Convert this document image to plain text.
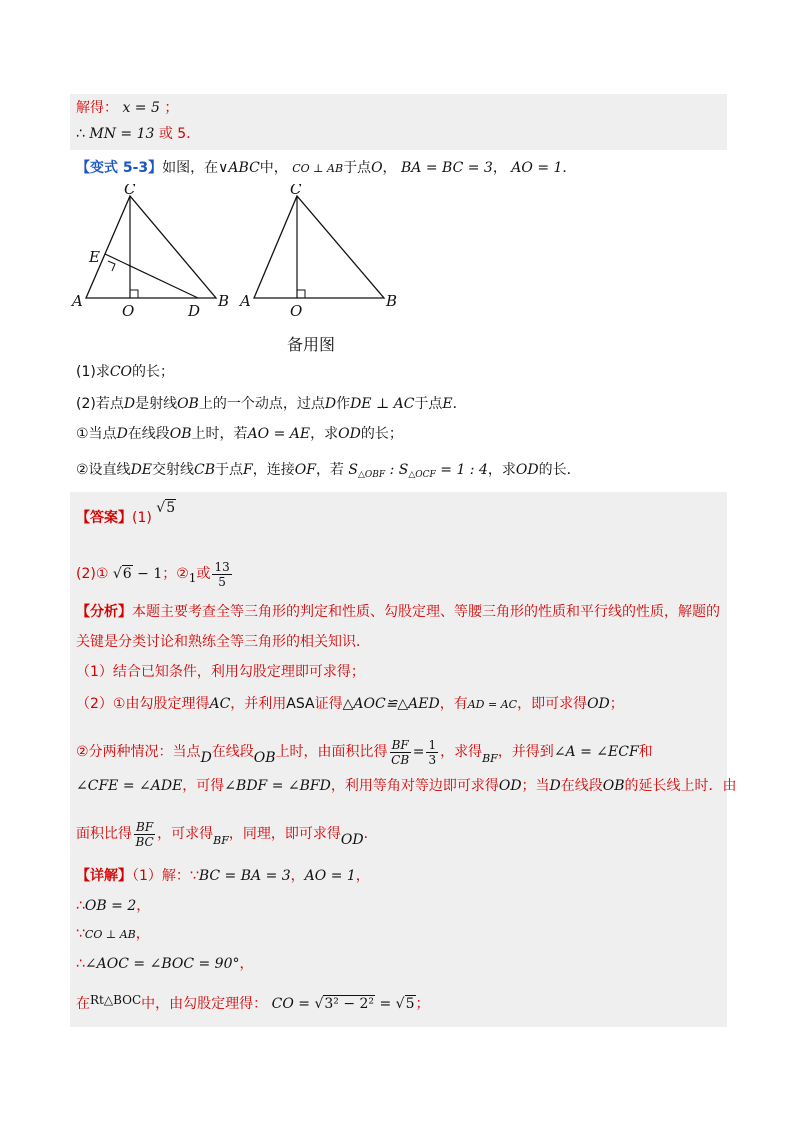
解得： x = 5 ；
∴ MN = 13 或 5．
【变式 5-3】如图，在∨ABC中， CO ⊥ AB于点O， BA = BC = 3， AO = 1．
C
E
A
O	D
B
C
A
O
B
备用图
(1)求CO的长；
(2)若点D是射线OB上的一个动点，过点D作DE ⊥ AC于点E．
①当点D在线段OB上时，若AO = AE，求OD的长；
②设直线DE交射线CB于点F，连接OF，若 $S_{\triangle OBF}$ : $S_{\triangle OCF} = 1$ : 4，求OD的长．
【答案】(1) √5
(2)① √6 − 1；②1或 $\frac{13}{5}$
【分析】本题主要考查全等三角形的判定和性质、勾股定理、等腰三角形的性质和平行线的性质，解题的
关键是分类讨论和熟练全等三角形的相关知识．
（1）结合已知条件，利用勾股定理即可求得；
（2）①由勾股定理得AC，并利用ASA证得△AOC≌△AED，有AD = AC，即可求得OD；
②分两种情况：当点D在线段OB上时，由面积比得 $\frac{BF}{CB} = \frac{1}{3}$ ，求得$_{BF}$，并得到∠A = ∠ECF和
∠CFE = ∠ADE，可得∠BDF = ∠BFD，利用等角对等边即可求得OD；当D在线段OB的延长线上时．由
面积比得 $\frac{BF}{BC}$ ，可求得$_{BF}$，同理，即可求得OD．
【详解】（1）解：∵BC = BA = 3，AO = 1，
∴OB = 2，
∵CO ⊥ AB，
∴∠AOC = ∠BOC = 90°，
在Rt△BOC中，由勾股定理得： CO = √3² − 2² = √5；
